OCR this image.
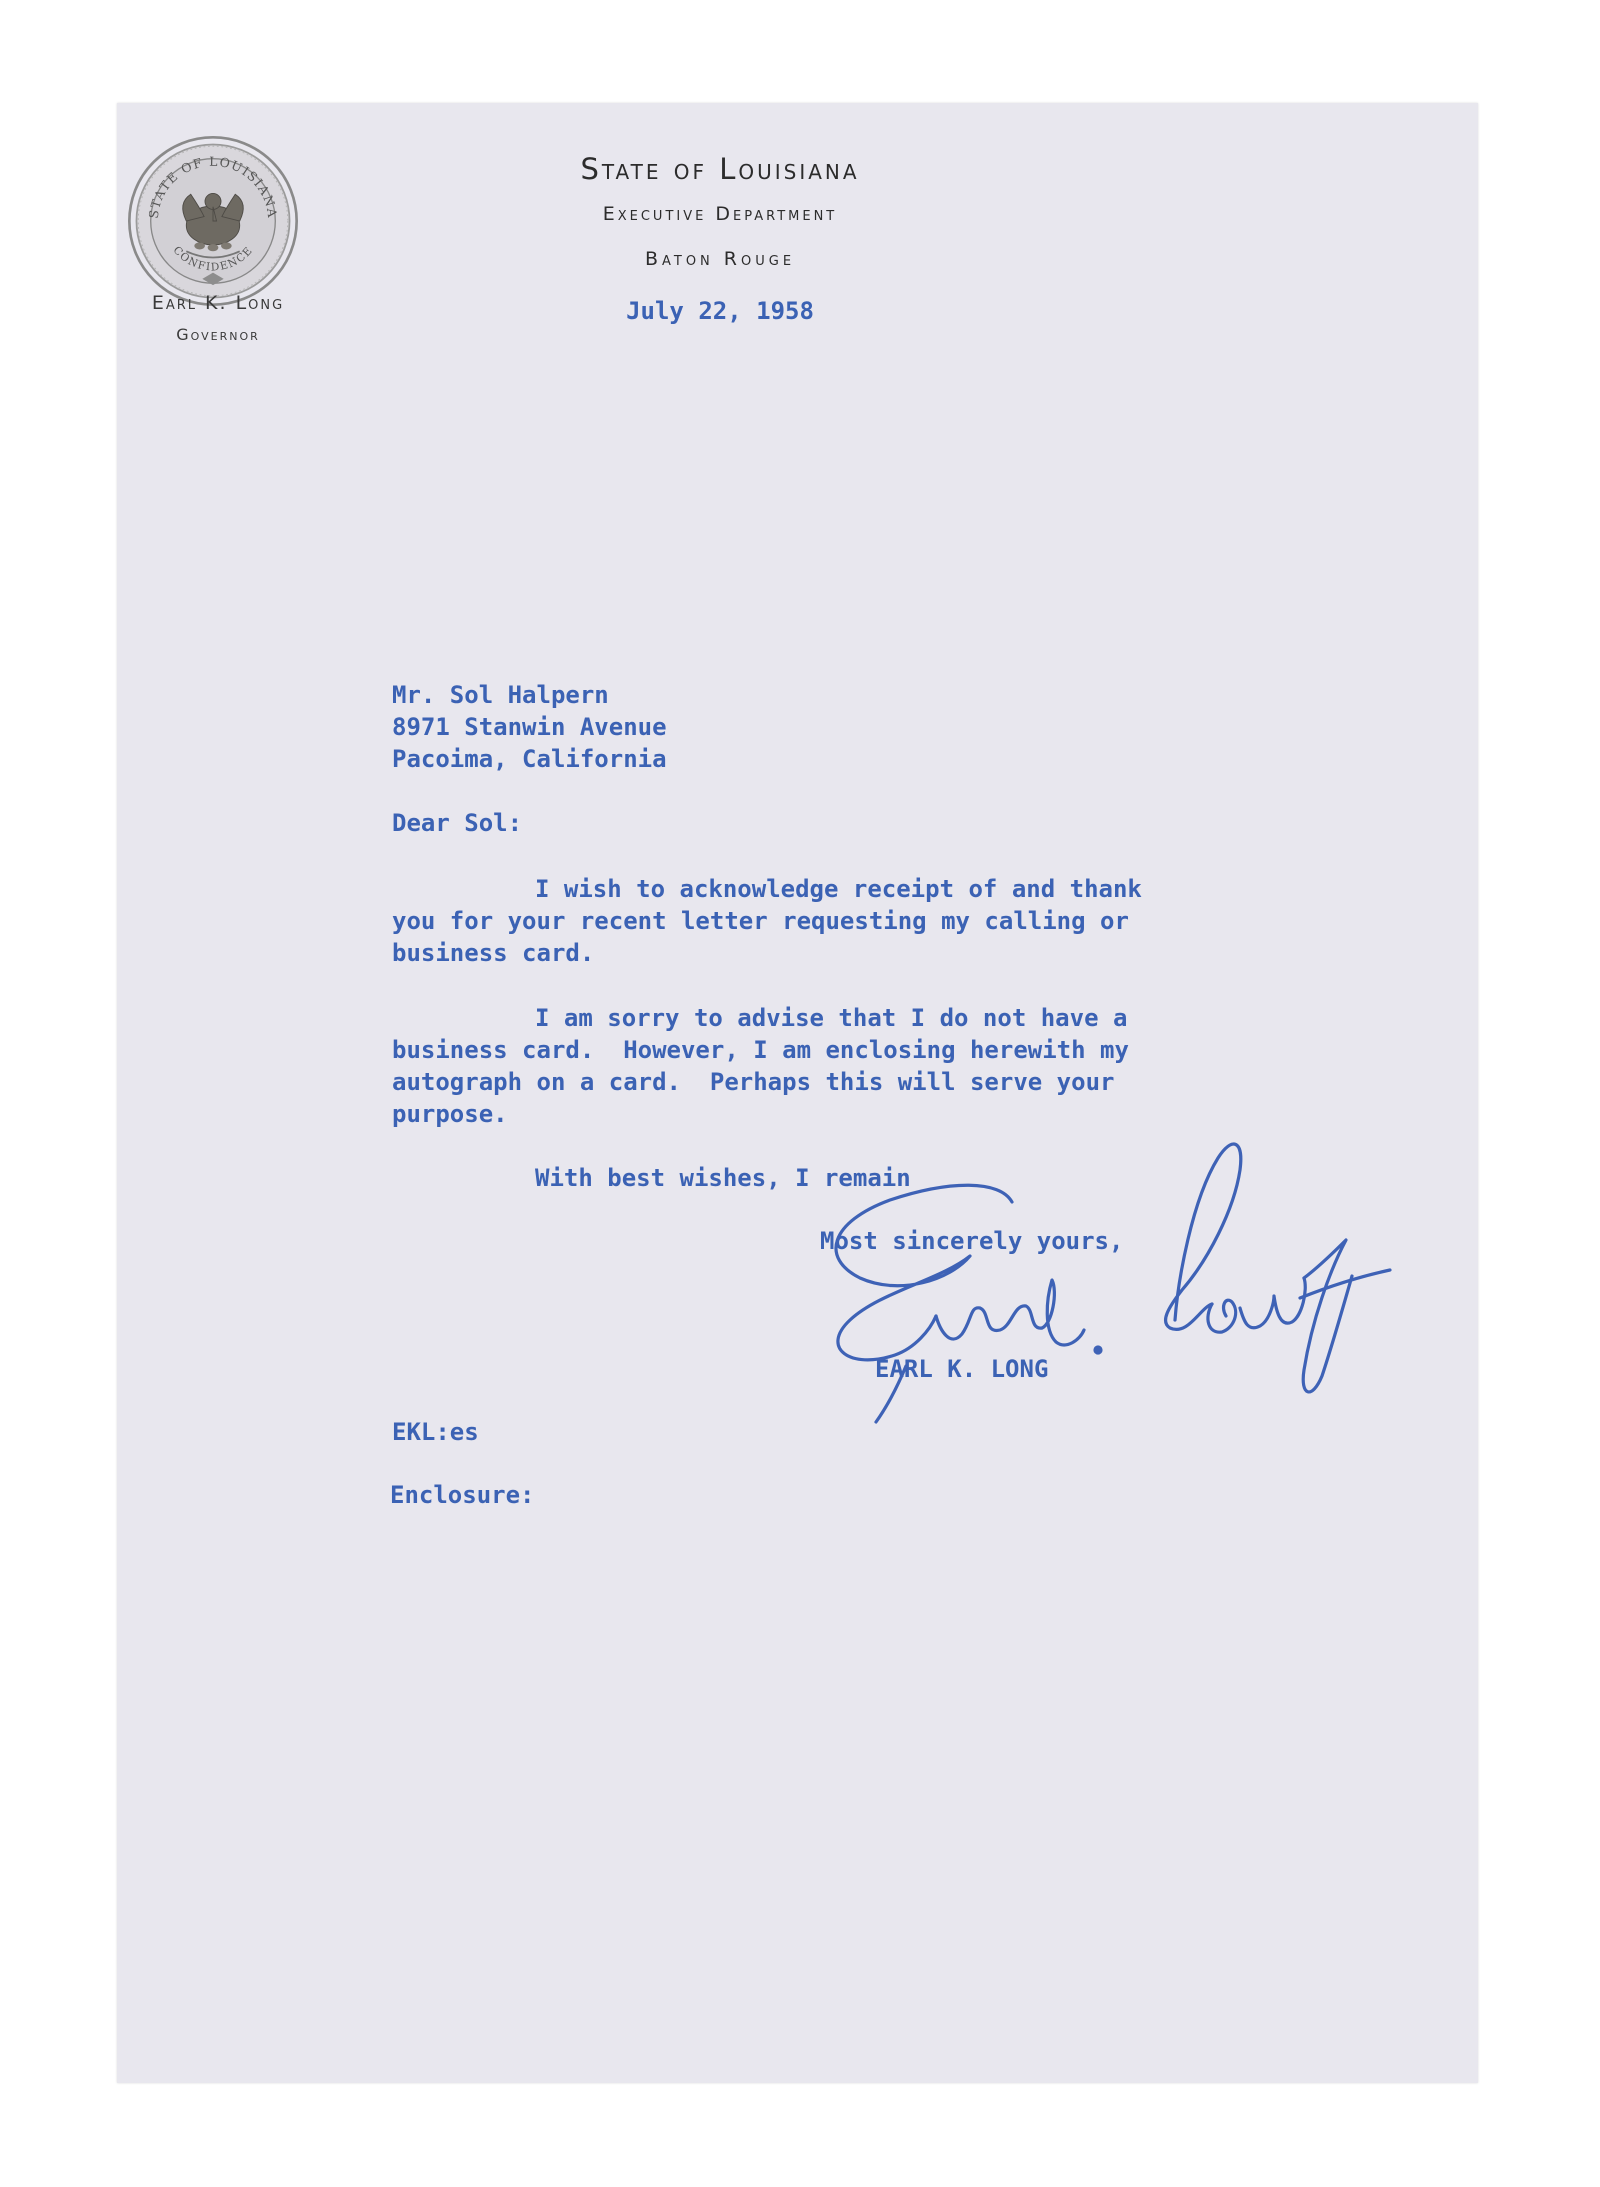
STATE OF LOUISIANA
CONFIDENCE
Earl K. Long
Governor
State of Louisiana
Executive Department
Baton Rouge
July 22, 1958
Mr. Sol Halpern
8971 Stanwin Avenue
Pacoima, California
Dear Sol:
I wish to acknowledge receipt of and thank
you for your recent letter requesting my calling or
business card.
I am sorry to advise that I do not have a
business card.  However, I am enclosing herewith my
autograph on a card.  Perhaps this will serve your
purpose.
With best wishes, I remain
Most sincerely yours,
EARL K. LONG
EKL:es
Enclosure:
